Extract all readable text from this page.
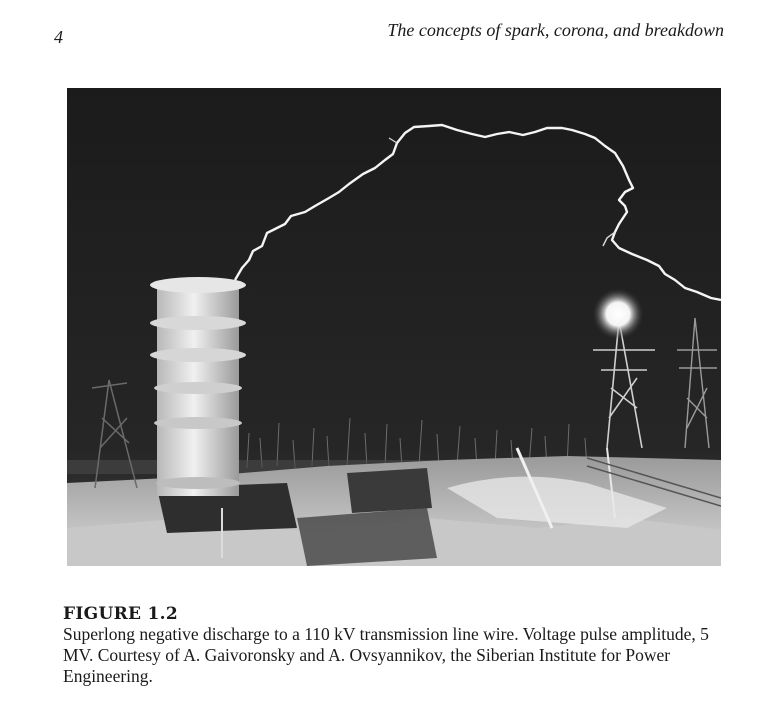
4	The concepts of spark, corona, and breakdown
FIGURE 1.2
Superlong negative discharge to a 110 kV transmission line wire. Voltage pulse amplitude, 5 MV. Courtesy of A. Gaivoronsky and A. Ovsyannikov, the Siberian Institute for Power Engineering.
